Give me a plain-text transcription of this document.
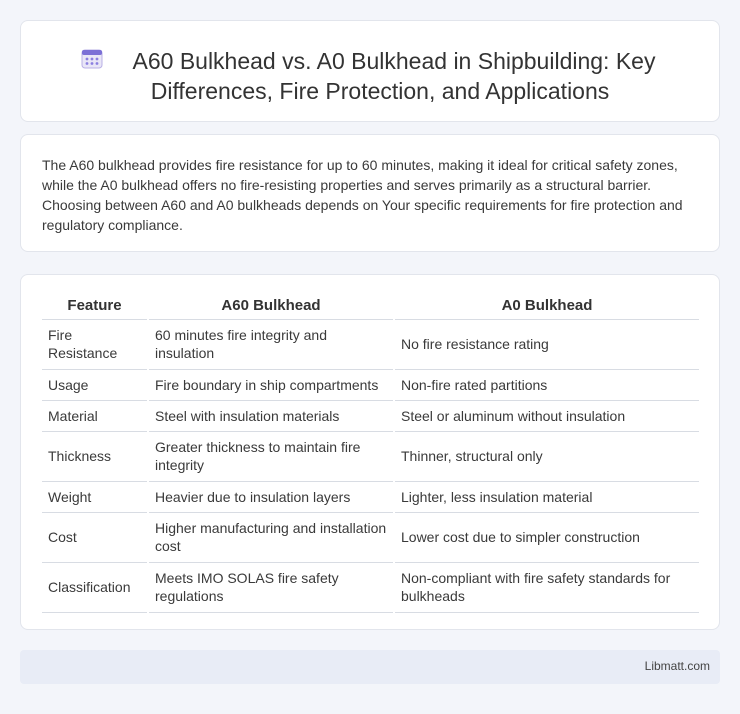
A60 Bulkhead vs. A0 Bulkhead in Shipbuilding: Key
Differences, Fire Protection, and Applications

The A60 bulkhead provides fire resistance for up to 60 minutes, making it ideal for critical safety zones, while the A0 bulkhead offers no fire-resisting properties and serves primarily as a structural barrier. Choosing between A60 and A0 bulkheads depends on Your specific requirements for fire protection and regulatory compliance.

Feature	A60 Bulkhead	A0 Bulkhead
Fire Resistance	60 minutes fire integrity and insulation	No fire resistance rating
Usage	Fire boundary in ship compartments	Non-fire rated partitions
Material	Steel with insulation materials	Steel or aluminum without insulation
Thickness	Greater thickness to maintain fire integrity	Thinner, structural only
Weight	Heavier due to insulation layers	Lighter, less insulation material
Cost	Higher manufacturing and installation cost	Lower cost due to simpler construction
Classification	Meets IMO SOLAS fire safety regulations	Non-compliant with fire safety standards for bulkheads
Libmatt.com
